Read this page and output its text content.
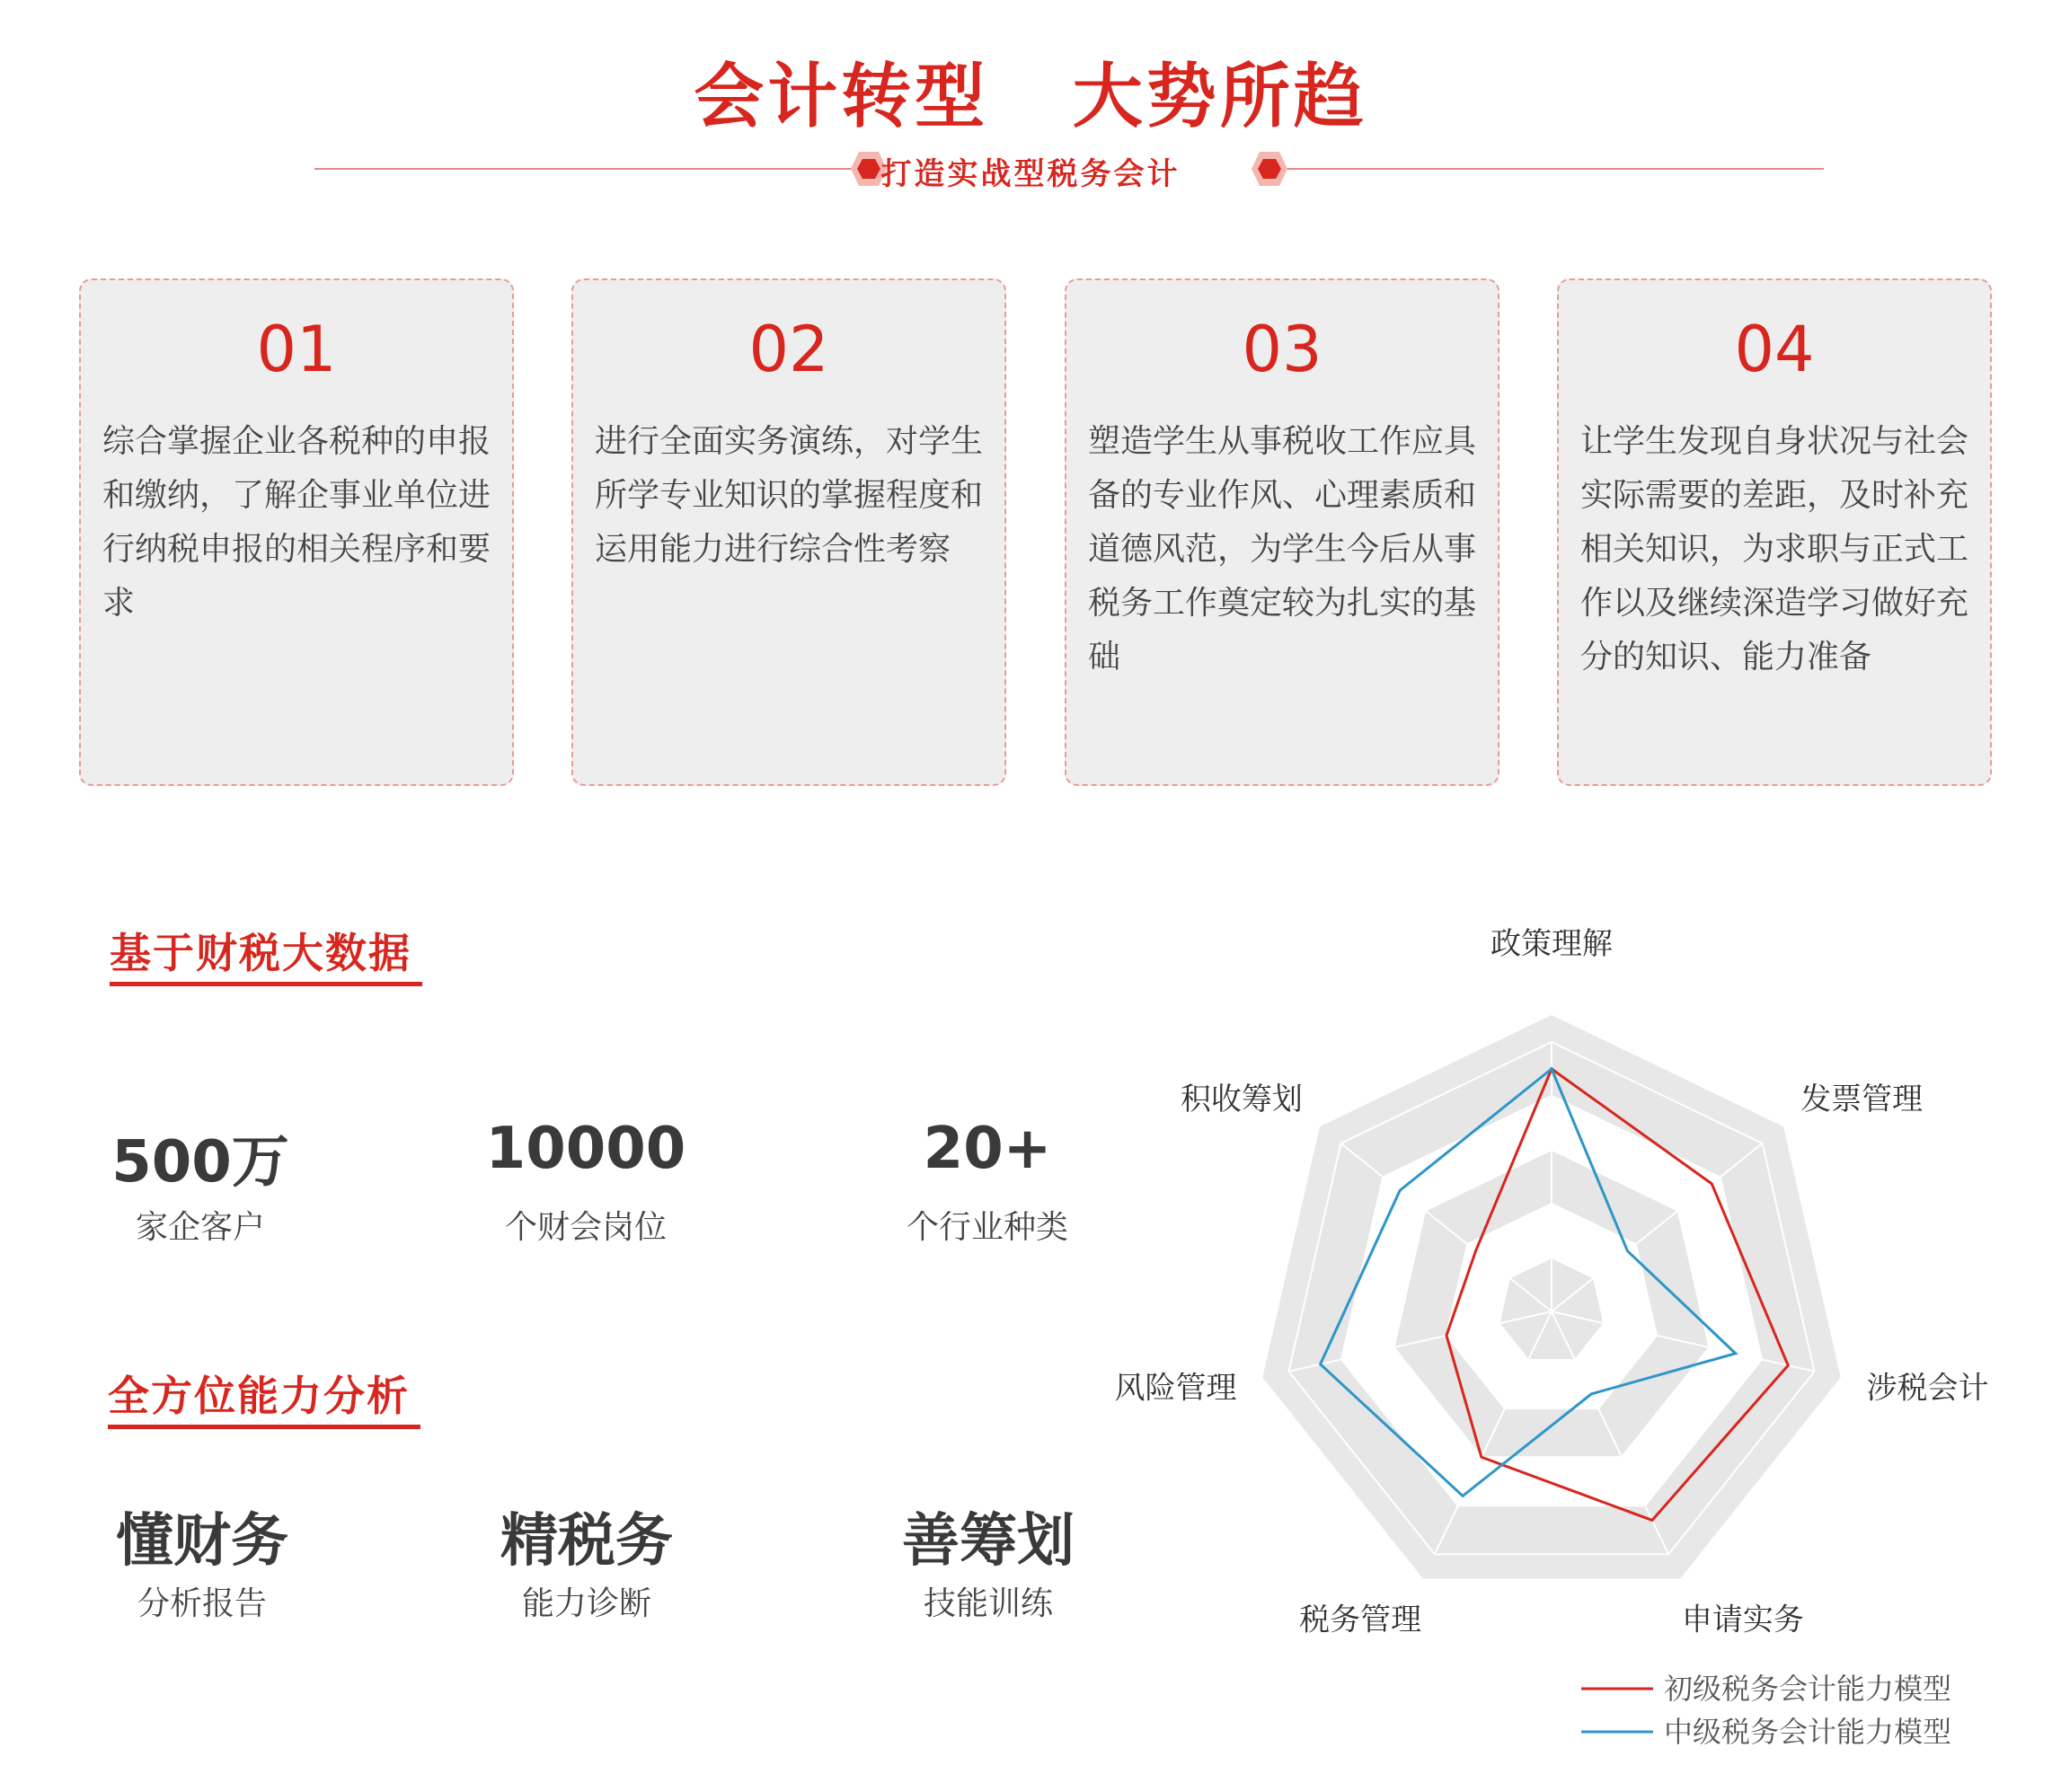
会计转型   大势所趋
打造实战型税务会计
01
综合掌握企业各税种的申报和缴纳，了解企事业单位进行纳税申报的相关程序和要求
02
进行全面实务演练，对学生所学专业知识的掌握程度和运用能力进行综合性考察
03
塑造学生从事税收工作应具备的专业作风、心理素质和道德风范，为学生今后从事税务工作奠定较为扎实的基础
04
让学生发现自身状况与社会实际需要的差距，及时补充相关知识，为求职与正式工作以及继续深造学习做好充分的知识、能力准备
基于财税大数据
500万
家企客户
10000
个财会岗位
20+
个行业种类
全方位能力分析
懂财务
分析报告
精税务
能力诊断
善筹划
技能训练
政策理解
发票管理
涉税会计
申请实务
税务管理
风险管理
积收筹划
初级税务会计能力模型
中级税务会计能力模型
